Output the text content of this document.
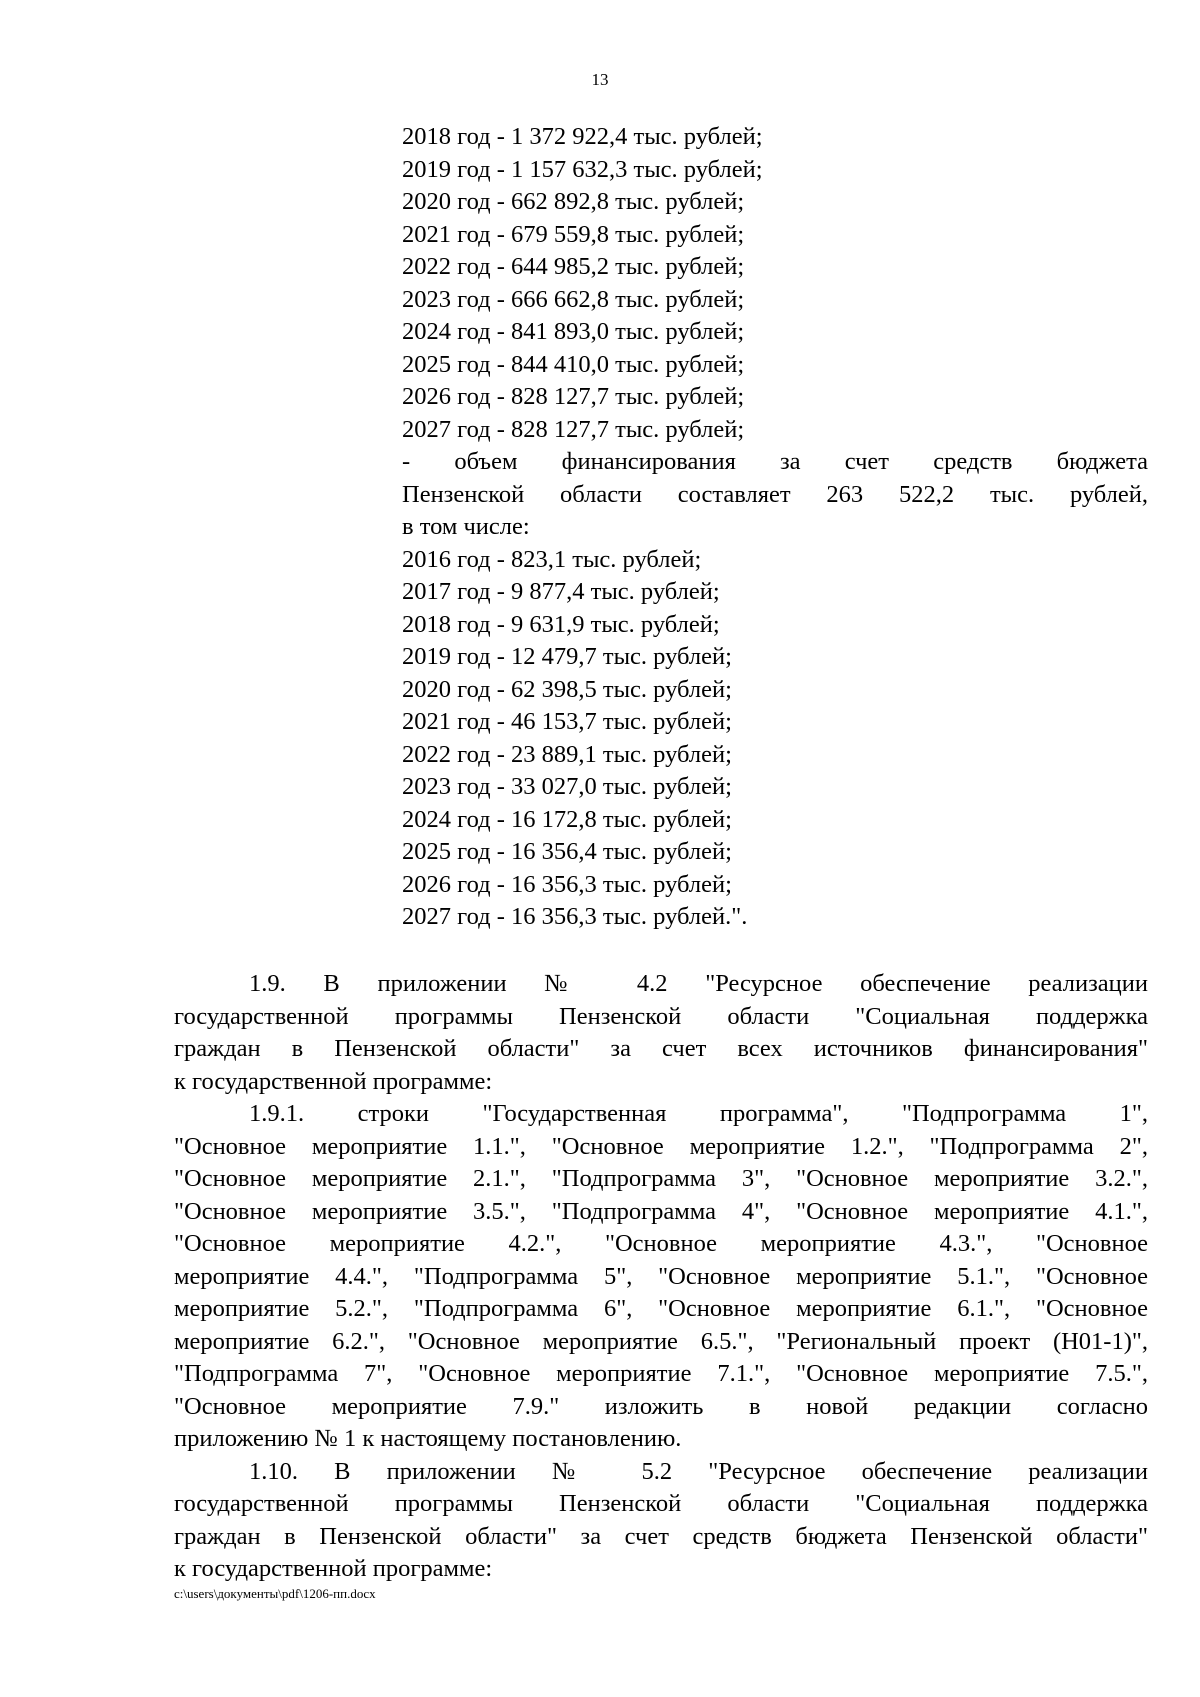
13
2018 год - 1 372 922,4 тыс. рублей;
2019 год - 1 157 632,3 тыс. рублей;
2020 год - 662 892,8 тыс. рублей;
2021 год - 679 559,8 тыс. рублей;
2022 год - 644 985,2 тыс. рублей;
2023 год - 666 662,8 тыс. рублей;
2024 год - 841 893,0 тыс. рублей;
2025 год - 844 410,0 тыс. рублей;
2026 год - 828 127,7 тыс. рублей;
2027 год - 828 127,7 тыс. рублей;
- объем финансирования за счет средств бюджета
Пензенской области составляет 263 522,2 тыс. рублей,
в том числе:
2016 год - 823,1 тыс. рублей;
2017 год - 9 877,4 тыс. рублей;
2018 год - 9 631,9 тыс. рублей;
2019 год - 12 479,7 тыс. рублей;
2020 год - 62 398,5 тыс. рублей;
2021 год - 46 153,7 тыс. рублей;
2022 год - 23 889,1 тыс. рублей;
2023 год - 33 027,0 тыс. рублей;
2024 год - 16 172,8 тыс. рублей;
2025 год - 16 356,4 тыс. рублей;
2026 год - 16 356,3 тыс. рублей;
2027 год - 16 356,3 тыс. рублей.".
1.9. В приложении № 4.2 "Ресурсное обеспечение реализации
государственной программы Пензенской области "Социальная поддержка
граждан в Пензенской области" за счет всех источников финансирования"
к государственной программе:
1.9.1. строки "Государственная программа", "Подпрограмма 1",
"Основное мероприятие 1.1.", "Основное мероприятие 1.2.", "Подпрограмма 2",
"Основное мероприятие 2.1.", "Подпрограмма 3", "Основное мероприятие 3.2.",
"Основное мероприятие 3.5.", "Подпрограмма 4", "Основное мероприятие 4.1.",
"Основное мероприятие 4.2.", "Основное мероприятие 4.3.", "Основное
мероприятие 4.4.", "Подпрограмма 5", "Основное мероприятие 5.1.", "Основное
мероприятие 5.2.", "Подпрограмма 6", "Основное мероприятие 6.1.", "Основное
мероприятие 6.2.", "Основное мероприятие 6.5.", "Региональный проект (Н01-1)",
"Подпрограмма 7", "Основное мероприятие 7.1.", "Основное мероприятие 7.5.",
"Основное мероприятие 7.9." изложить в новой редакции согласно
приложению № 1 к настоящему постановлению.
1.10. В приложении № 5.2 "Ресурсное обеспечение реализации
государственной программы Пензенской области "Социальная поддержка
граждан в Пензенской области" за счет средств бюджета Пензенской области"
к государственной программе:
c:\users\документы\pdf\1206-пп.docx
